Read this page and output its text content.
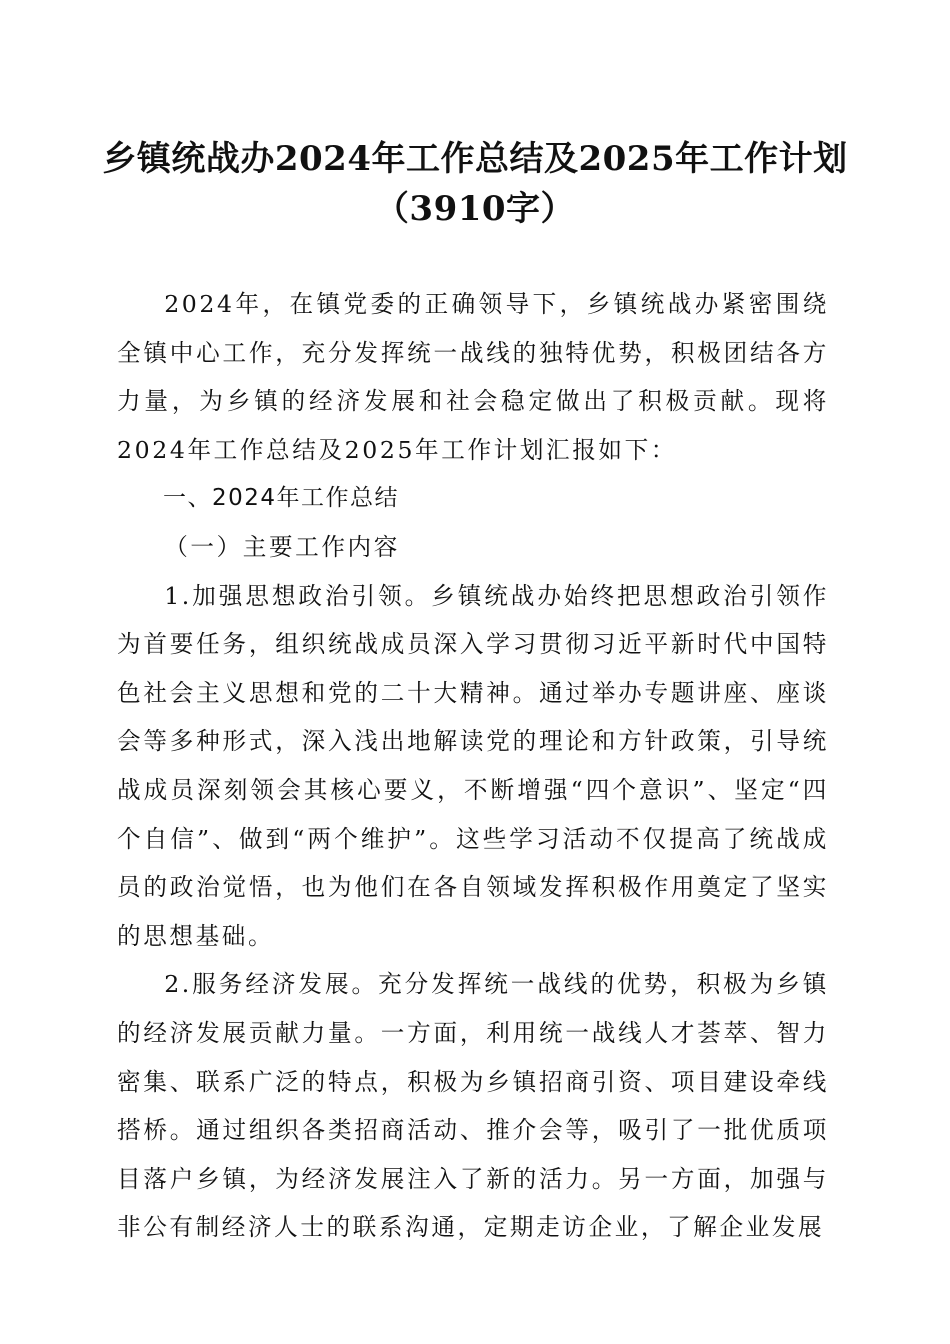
乡镇统战办2024年工作总结及2025年工作计划（3910字）

2024年，在镇党委的正确领导下，乡镇统战办紧密围绕全镇中心工作，充分发挥统一战线的独特优势，积极团结各方力量，为乡镇的经济发展和社会稳定做出了积极贡献。现将2024年工作总结及2025年工作计划汇报如下：

一、2024年工作总结

（一）主要工作内容

1.加强思想政治引领。乡镇统战办始终把思想政治引领作为首要任务，组织统战成员深入学习贯彻习近平新时代中国特色社会主义思想和党的二十大精神。通过举办专题讲座、座谈会等多种形式，深入浅出地解读党的理论和方针政策，引导统战成员深刻领会其核心要义，不断增强“四个意识”、坚定“四个自信”、做到“两个维护”。这些学习活动不仅提高了统战成员的政治觉悟，也为他们在各自领域发挥积极作用奠定了坚实的思想基础。

2.服务经济发展。充分发挥统一战线的优势，积极为乡镇的经济发展贡献力量。一方面，利用统一战线人才荟萃、智力密集、联系广泛的特点，积极为乡镇招商引资、项目建设牵线搭桥。通过组织各类招商活动、推介会等，吸引了一批优质项目落户乡镇，为经济发展注入了新的活力。另一方面，加强与非公有制经济人士的联系沟通，定期走访企业，了解企业发展
